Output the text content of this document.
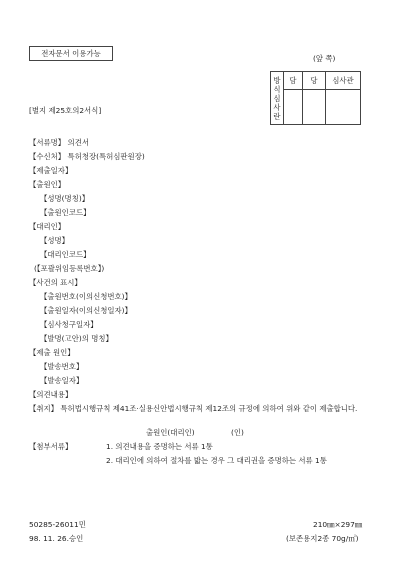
전자문서 이용가능
(앞 쪽)
방식심사란	담	당	심사관

[별지 제25호의2서식]
【서류명】 의견서
【수신처】 특허청장(특허심판원장)
【제출일자】
【출원인】
【성명(명칭)】
【출원인코드】
【대리인】
【성명】
【대리인코드】
(【포괄위임등록번호】)
【사건의 표시】
【출원번호(이의신청번호)】
【출원일자(이의신청일자)】
【심사청구일자】
【발명(고안)의 명칭】
【제출 원인】
【발송번호】
【발송일자】
【의견내용】
【취지】 특허법시행규칙 제41조·실용신안법시행규칙 제12조의 규정에 의하여 위와 같이 제출합니다.
출원인(대리인)	(인)
【첨부서류】	1. 의견내용을 증명하는 서류 1통
2. 대리인에 의하여 절차를 밟는 경우 그 대리권을 증명하는 서류 1통
50285-26011민
98. 11. 26.승인
210㎜×297㎜
(보존용지2종 70g/㎡)
